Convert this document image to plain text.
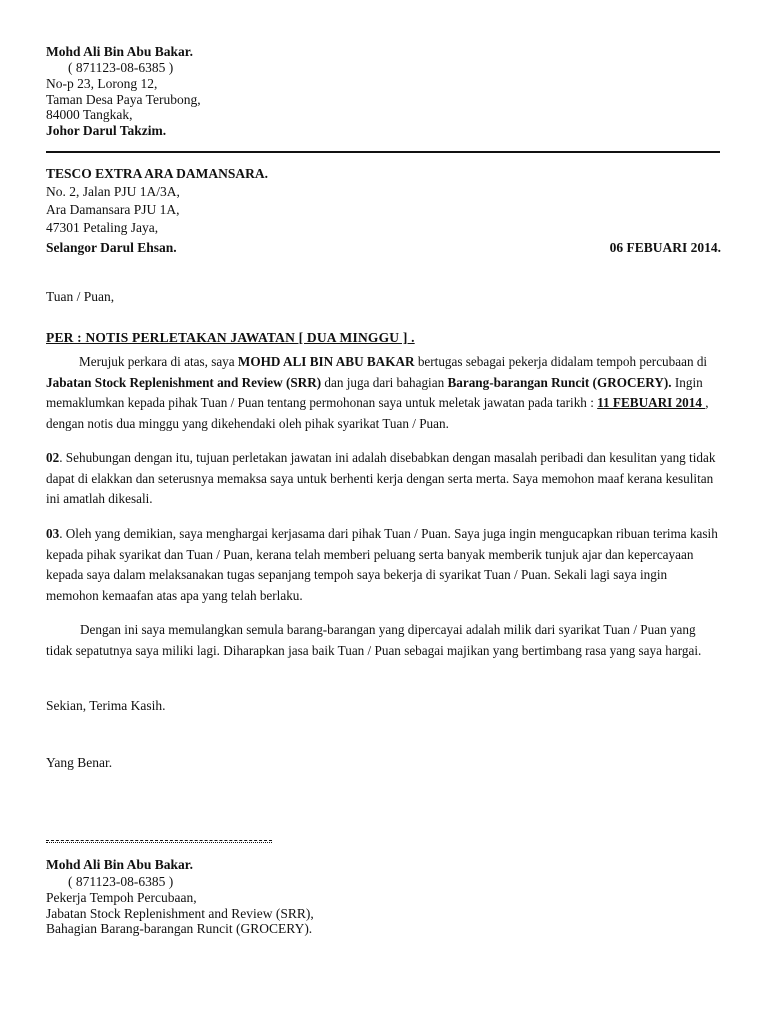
Mohd Ali Bin Abu Bakar.
( 871123-08-6385 )
No-p 23, Lorong 12,
Taman Desa Paya Terubong,
84000 Tangkak,
Johor Darul Takzim.
TESCO EXTRA ARA DAMANSARA.
No. 2, Jalan PJU 1A/3A,
Ara Damansara PJU 1A,
47301 Petaling Jaya,
Selangor Darul Ehsan.	06 FEBUARI 2014.
Tuan / Puan,
PER : NOTIS PERLETAKAN JAWATAN [ DUA MINGGU ] .

Merujuk perkara di atas, saya MOHD ALI BIN ABU BAKAR bertugas sebagai pekerja didalam tempoh percubaan di Jabatan Stock Replenishment and Review (SRR) dan juga dari bahagian Barang-barangan Runcit (GROCERY). Ingin memaklumkan kepada pihak Tuan / Puan tentang permohonan saya untuk meletak jawatan pada tarikh : 11 FEBUARI 2014 , dengan notis dua minggu yang dikehendaki oleh pihak syarikat Tuan / Puan.

02. Sehubungan dengan itu, tujuan perletakan jawatan ini adalah disebabkan dengan masalah peribadi dan kesulitan yang tidak dapat di elakkan dan seterusnya memaksa saya untuk berhenti kerja dengan serta merta. Saya memohon maaf kerana kesulitan ini amatlah dikesali.

03. Oleh yang demikian, saya menghargai kerjasama dari pihak Tuan / Puan. Saya juga ingin mengucapkan ribuan terima kasih kepada pihak syarikat dan Tuan / Puan, kerana telah memberi peluang serta banyak memberik tunjuk ajar dan kepercayaan kepada saya dalam melaksanakan tugas sepanjang tempoh saya bekerja di syarikat Tuan / Puan. Sekali lagi saya ingin memohon kemaafan atas apa yang telah berlaku.

Dengan ini saya memulangkan semula barang-barangan yang dipercayai adalah milik dari syarikat Tuan / Puan yang tidak sepatutnya saya miliki lagi. Diharapkan jasa baik Tuan / Puan sebagai majikan yang bertimbang rasa yang saya hargai.

Sekian, Terima Kasih.
Yang Benar.
Mohd Ali Bin Abu Bakar.
( 871123-08-6385 )
Pekerja Tempoh Percubaan,
Jabatan Stock Replenishment and Review (SRR),
Bahagian Barang-barangan Runcit (GROCERY).
